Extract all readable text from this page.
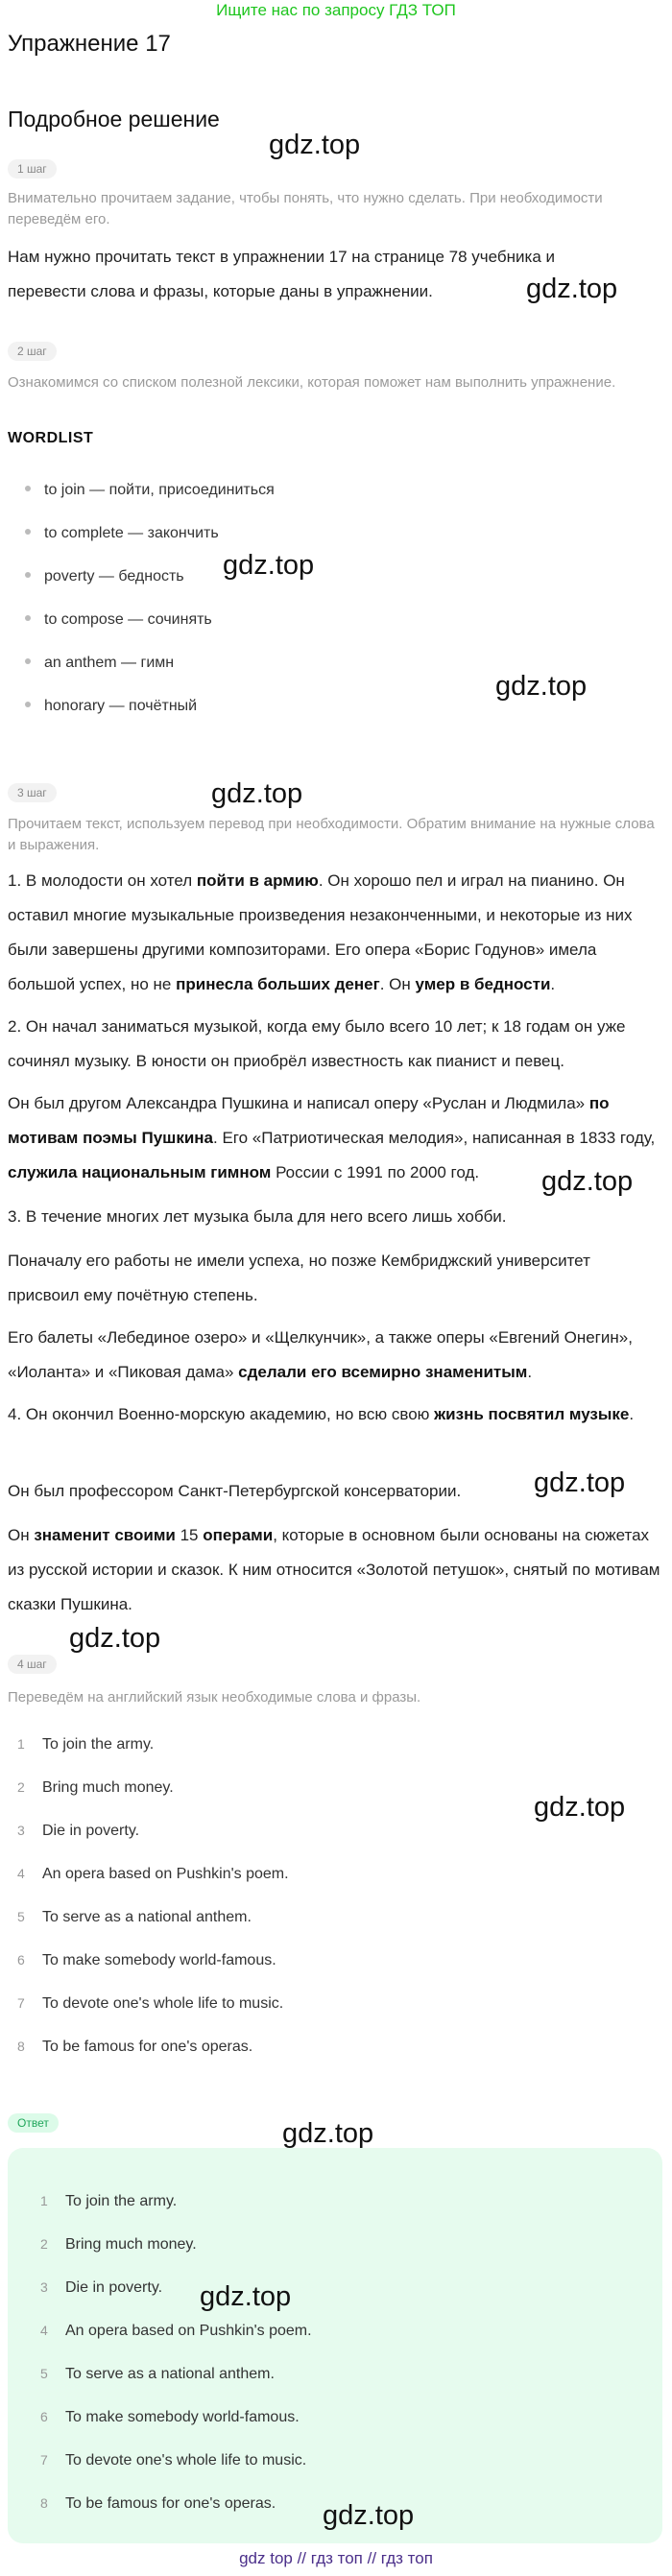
Ищите нас по запросу ГДЗ ТОП
Упражнение 17
Подробное решение
1 шаг
Внимательно прочитаем задание, чтобы понять, что нужно сделать. При необходимости переведём его.
Нам нужно прочитать текст в упражнении 17 на странице 78 учебника и
перевести слова и фразы, которые даны в упражнении.
2 шаг
Ознакомимся со списком полезной лексики, которая поможет нам выполнить упражнение.
WORDLIST
to join — пойти, присоединиться
to complete — закончить
poverty — бедность
to compose — сочинять
an anthem — гимн
honorary — почётный
3 шаг
Прочитаем текст, используем перевод при необходимости. Обратим внимание на нужные слова и выражения.
1. В молодости он хотел пойти в армию. Он хорошо пел и играл на пианино. Он оставил многие музыкальные произведения незаконченными, и некоторые из них были завершены другими композиторами. Его опера «Борис Годунов» имела большой успех, но не принесла больших денег. Он умер в бедности.
2. Он начал заниматься музыкой, когда ему было всего 10 лет; к 18 годам он уже сочинял музыку. В юности он приобрёл известность как пианист и певец.
Он был другом Александра Пушкина и написал оперу «Руслан и Людмила» по мотивам поэмы Пушкина. Его «Патриотическая мелодия», написанная в 1833 году, служила национальным гимном России с 1991 по 2000 год.
3. В течение многих лет музыка была для него всего лишь хобби.
Поначалу его работы не имели успеха, но позже Кембриджский университет присвоил ему почётную степень.
Его балеты «Лебединое озеро» и «Щелкунчик», а также оперы «Евгений Онегин», «Иоланта» и «Пиковая дама» сделали его всемирно знаменитым.
4. Он окончил Военно-морскую академию, но всю свою жизнь посвятил музыке.
Он был профессором Санкт-Петербургской консерватории.
Он знаменит своими 15 операми, которые в основном были основаны на сюжетах из русской истории и сказок. К ним относится «Золотой петушок», снятый по мотивам сказки Пушкина.
4 шаг
Переведём на английский язык необходимые слова и фразы.
1 To join the army.
2 Bring much money.
3 Die in poverty.
4 An opera based on Pushkin's poem.
5 To serve as a national anthem.
6 To make somebody world-famous.
7 To devote one's whole life to music.
8 To be famous for one's operas.
Ответ
1 To join the army.
2 Bring much money.
3 Die in poverty.
4 An opera based on Pushkin's poem.
5 To serve as a national anthem.
6 To make somebody world-famous.
7 To devote one's whole life to music.
8 To be famous for one's operas.
gdz.top
gdz.top
gdz.top
gdz.top
gdz.top
gdz.top
gdz.top
gdz.top
gdz.top
gdz.top
gdz.top
gdz.top
gdz top // гдз топ // гдз топ
